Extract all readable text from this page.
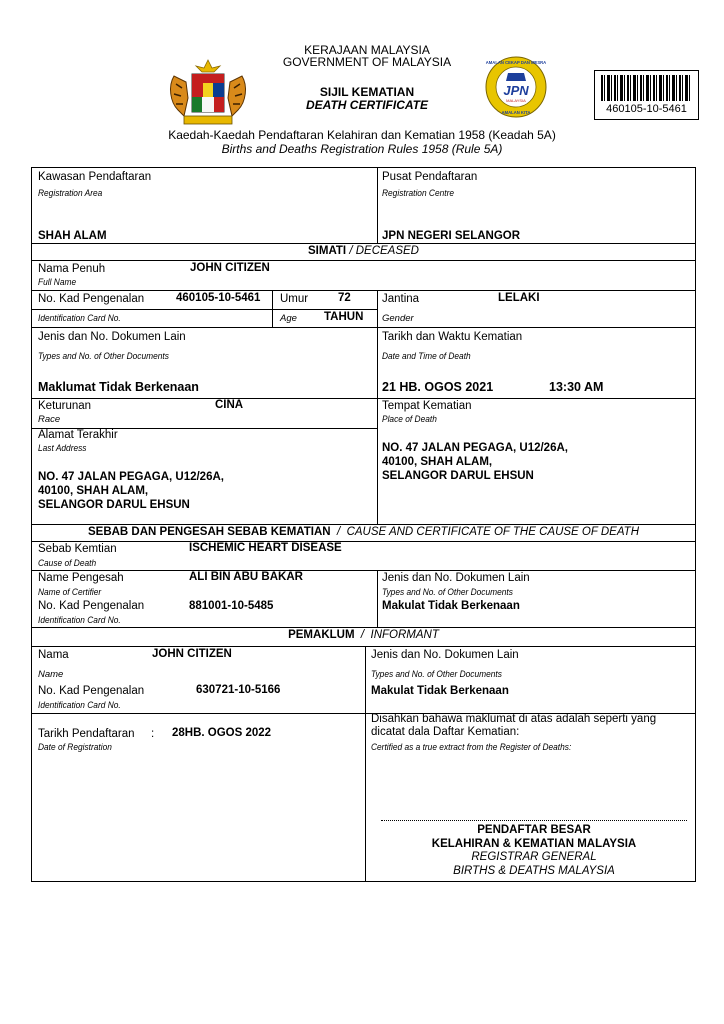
KERAJAAN MALAYSIA
GOVERNMENT OF MALAYSIA
SIJIL KEMATIAN
DEATH CERTIFICATE
JPN
MALAYSIA
AMALAN CEKAP DAN MESRA
AMALAN KITA	460105-10-5461
Kaedah-Kaedah Pendaftaran Kelahiran dan Kematian 1958 (Keadah 5A)
Births and Deaths Registration Rules 1958 (Rule 5A)
Kawasan Pendaftaran
Registration Area
SHAH ALAM
Pusat Pendaftaran
Registration Centre
JPN NEGERI SELANGOR
SIMATI / DECEASED
Nama Penuh
Full Name
JOHN CITIZEN
No. Kad Pengenalan
Identification Card No.
460105-10-5461 Umur
Age
72
TAHUN
Jantina
Gender
LELAKI
Jenis dan No. Dokumen Lain
Types and No. of Other Documents
Maklumat Tidak Berkenaan
Tarikh dan Waktu Kematian
Date and Time of Death
21 HB. OGOS 2021	13:30 AM
Keturunan
Race
CINA
Alamat Terakhir
Last Address
NO. 47 JALAN PEGAGA, U12/26A,
40100, SHAH ALAM,
SELANGOR DARUL EHSUN
Tempat Kematian
Place of Death
NO. 47 JALAN PEGAGA, U12/26A,
40100, SHAH ALAM,
SELANGOR DARUL EHSUN
SEBAB DAN PENGESAH SEBAB KEMATIAN  /  CAUSE AND CERTIFICATE OF THE CAUSE OF DEATH
Sebab Kemtian
Cause of Death
ISCHEMIC HEART DISEASE
Name Pengesah
Name of Certifier
ALI BIN ABU BAKAR
No. Kad Pengenalan
Identification Card No.
881001-10-5485
Jenis dan No. Dokumen Lain
Types and No. of Other Documents
Makulat Tidak Berkenaan
PEMAKLUM  /  INFORMANT
Nama
Name
JOHN CITIZEN
No. Kad Pengenalan
Identification Card No.
630721-10-5166
Jenis dan No. Dokumen Lain
Types and No. of Other Documents
Makulat Tidak Berkenaan
Tarikh Pendaftaran :
Date of Registration
28HB. OGOS 2022
Disahkan bahawa maklumat di atas adalah seperti yang
dicatat dala Daftar Kematian:
Certified as a true extract from the Register of Deaths:
PENDAFTAR BESAR
KELAHIRAN & KEMATIAN MALAYSIA
REGISTRAR GENERAL
BIRTHS & DEATHS MALAYSIA
